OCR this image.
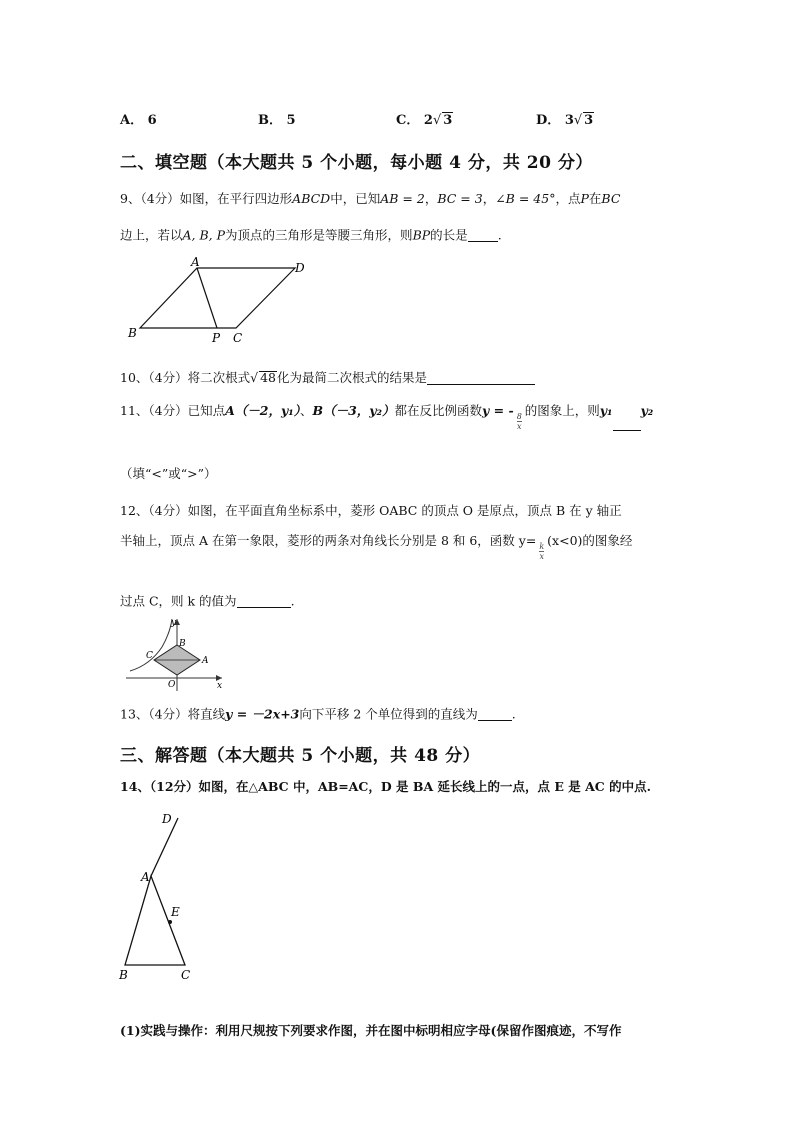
A． 6	B． 5	C． 2√ 3	D． 3√ 3
二、填空题（本大题共 5 个小题，每小题 4 分，共 20 分）
9、（4分）如图，在平行四边形ABCD中，已知AB = 2，BC = 3，∠B = 45°，点P在BC
边上，若以A, B, P为顶点的三角形是等腰三角形，则BP的长是 .
A	D
B	P C
10、（4分）将二次根式√ 48化为最简二次根式的结果是
11、（4分）已知点A（－2，y₁）、B（－3，y₂）都在反比例函数y = -
$\frac{8}{x}$
的图象上，则y₁ y₂
（填“<”或“>”）
12、（4分）如图，在平面直角坐标系中，菱形 OABC 的顶点 O 是原点，顶点 B 在 y 轴正
半轴上，顶点 A 在第一象限，菱形的两条对角线长分别是 8 和 6，函数 y=
$\frac{k}{x}$
(x<0)的图象经
过点 C，则 k 的值为	.
y
B
C	A
O	x
13、（4分）将直线y = －2x+3向下平移 2 个单位得到的直线为	.
三、解答题（本大题共 5 个小题，共 48 分）
14、（12分）如图，在△ABC 中，AB=AC，D 是 BA 延长线上的一点，点 E 是 AC 的中点.
D
A
E
B	C
(1)实践与操作：利用尺规按下列要求作图，并在图中标明相应字母(保留作图痕迹，不写作
